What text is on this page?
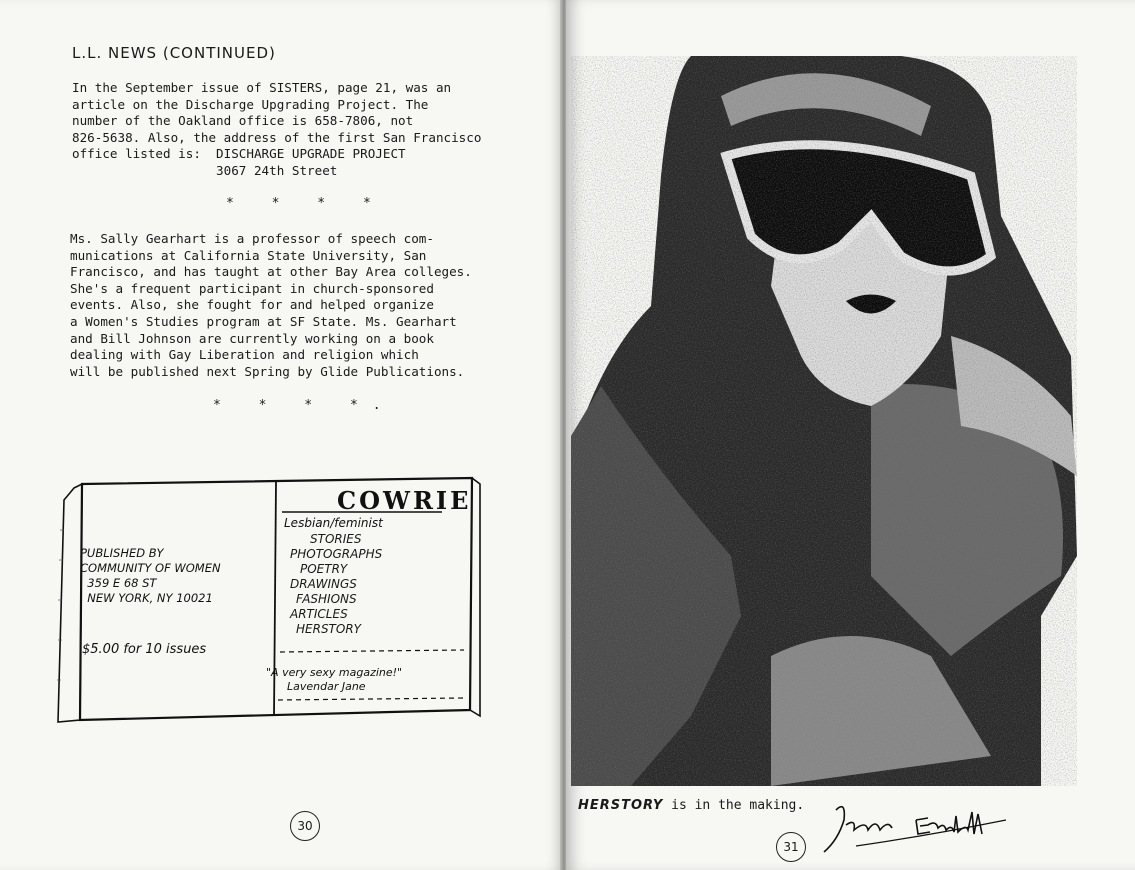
L.L. NEWS (CONTINUED)
In the September issue of SISTERS, page 21, was an
article on the Discharge Upgrading Project. The
number of the Oakland office is 658-7806, not
826-5638. Also, the address of the first San Francisco
office listed is:  DISCHARGE UPGRADE PROJECT
3067 24th Street
* * * *
Ms. Sally Gearhart is a professor of speech com-
munications at California State University, San
Francisco, and has taught at other Bay Area colleges.
She's a frequent participant in church-sponsored
events. Also, she fought for and helped organize
a Women's Studies program at SF State. Ms. Gearhart
and Bill Johnson are currently working on a book
dealing with Gay Liberation and religion which
will be published next Spring by Glide Publications.
* * * *.
COWRIE
Lesbian/feminist
STORIES
PHOTOGRAPHS
POETRY
DRAWINGS
FASHIONS
ARTICLES
HERSTORY
PUBLISHED BY
COMMUNITY OF WOMEN
359 E 68 ST
NEW YORK, NY 10021
$5.00 for 10 issues
"A very sexy magazine!"
Lavendar Jane
30
HERSTORY is in the making.
31
